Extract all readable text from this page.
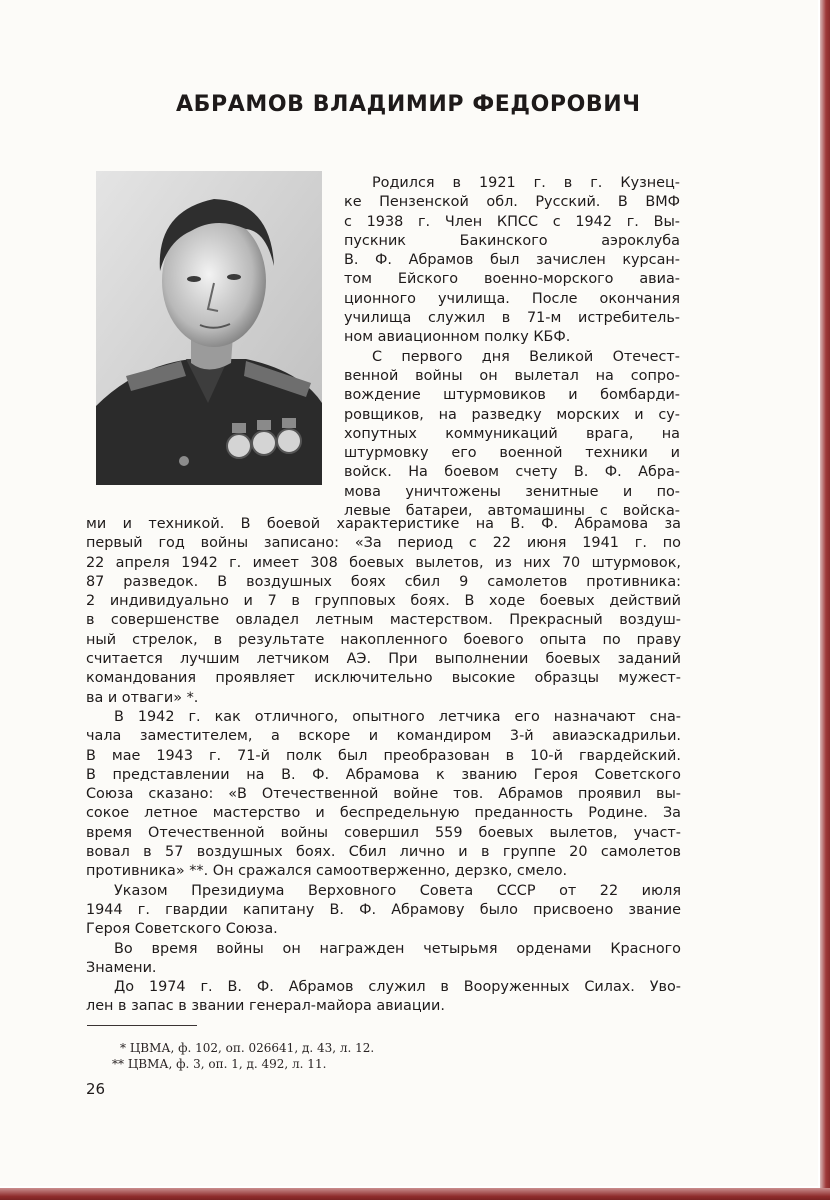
АБРАМОВ ВЛАДИМИР ФЕДОРОВИЧ

Родился в 1921 г. в г. Кузнец-

ке Пензенской обл. Русский. В ВМФ

с 1938 г. Член КПСС с 1942 г. Вы-

пускник Бакинского аэроклуба

В. Ф. Абрамов был зачислен курсан-

том Ейского военно-морского авиа-

ционного училища. После окончания

училища служил в 71-м истребитель-

ном авиационном полку КБФ.

С первого дня Великой Отечест-

венной войны он вылетал на сопро-

вождение штурмовиков и бомбарди-

ровщиков, на разведку морских и су-

хопутных коммуникаций врага, на

штурмовку его военной техники и

войск. На боевом счету В. Ф. Абра-

мова уничтожены зенитные и по-

левые батареи, автомашины с войска-

ми и техникой. В боевой характеристике на В. Ф. Абрамова за

первый год войны записано: «За период с 22 июня 1941 г. по

22 апреля 1942 г. имеет 308 боевых вылетов, из них 70 штурмовок,

87 разведок. В воздушных боях сбил 9 самолетов противника:

2 индивидуально и 7 в групповых боях. В ходе боевых действий

в совершенстве овладел летным мастерством. Прекрасный воздуш-

ный стрелок, в результате накопленного боевого опыта по праву

считается лучшим летчиком АЭ. При выполнении боевых заданий

командования проявляет исключительно высокие образцы мужест-

ва и отваги» *.

В 1942 г. как отличного, опытного летчика его назначают сна-

чала заместителем, а вскоре и командиром 3-й авиаэскадрильи.

В мае 1943 г. 71-й полк был преобразован в 10-й гвардейский.

В представлении на В. Ф. Абрамова к званию Героя Советского

Союза сказано: «В Отечественной войне тов. Абрамов проявил вы-

сокое летное мастерство и беспредельную преданность Родине. За

время Отечественной войны совершил 559 боевых вылетов, участ-

вовал в 57 воздушных боях. Сбил лично и в группе 20 самолетов

противника» **. Он сражался самоотверженно, дерзко, смело.

Указом Президиума Верховного Совета СССР от 22 июля

1944 г. гвардии капитану В. Ф. Абрамову было присвоено звание

Героя Советского Союза.

Во время войны он награжден четырьмя орденами Красного

Знамени.

До 1974 г. В. Ф. Абрамов служил в Вооруженных Силах. Уво-

лен в запас в звании генерал-майора авиации.

* ЦВМА, ф. 102, оп. 026641, д. 43, л. 12.
** ЦВМА, ф. 3, оп. 1, д. 492, л. 11.
26
